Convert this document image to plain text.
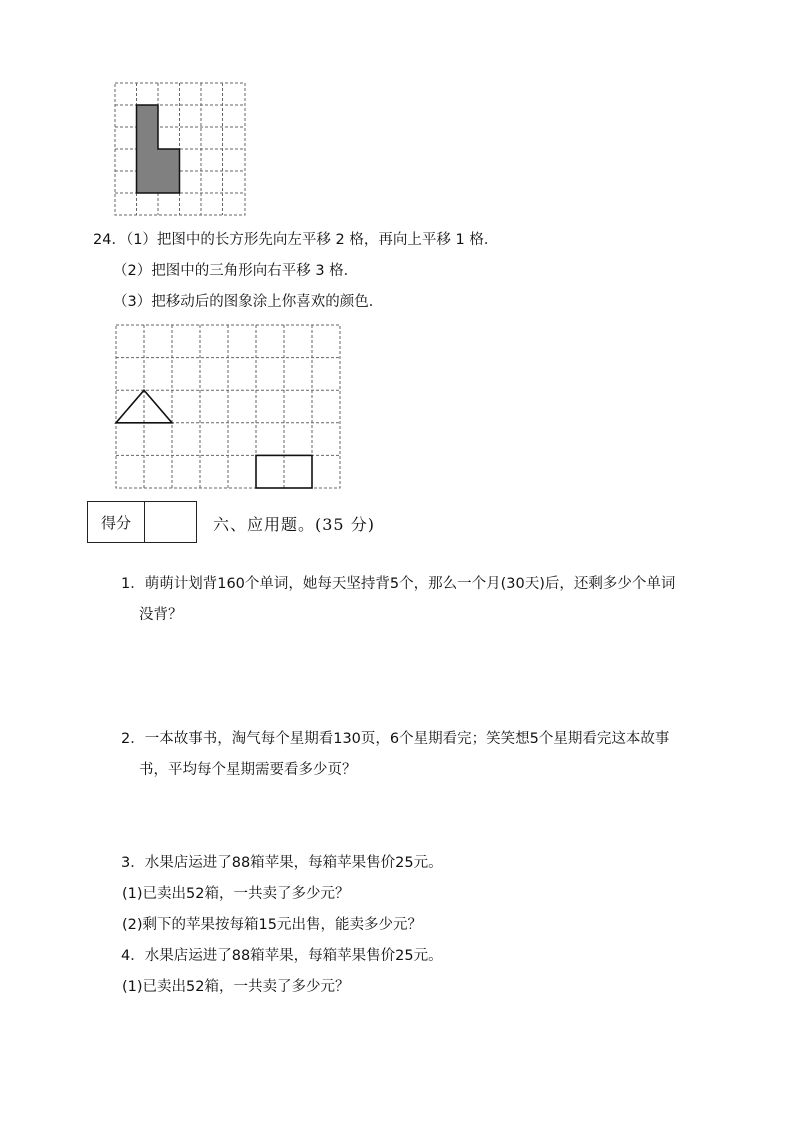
24．（1）把图中的长方形先向左平移 2 格，再向上平移 1 格．
（2）把图中的三角形向右平移 3 格．
（3）把移动后的图象涂上你喜欢的颜色．
得分	六、应用题。(35 分)
1．萌萌计划背160个单词，她每天坚持背5个，那么一个月(30天)后，还剩多少个单词
没背？
2．一本故事书，淘气每个星期看130页，6个星期看完；笑笑想5个星期看完这本故事
书，平均每个星期需要看多少页？
3．水果店运进了88箱苹果，每箱苹果售价25元。
(1)已卖出52箱，一共卖了多少元？
(2)剩下的苹果按每箱15元出售，能卖多少元？
4．水果店运进了88箱苹果，每箱苹果售价25元。
(1)已卖出52箱，一共卖了多少元？
